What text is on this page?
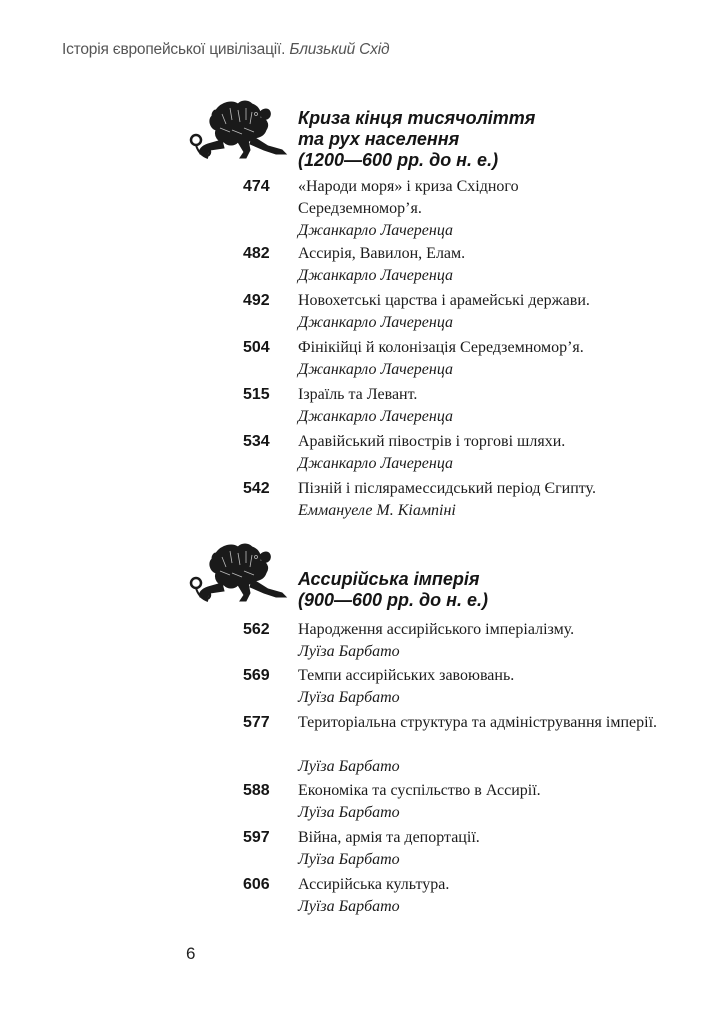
Історія європейської цивілізації. Близький Схід
Криза кінця тисячоліття
та рух населення
(1200—600 рр. до н. е.)
474 «Народи моря» і криза Східного Середземномор’я.
Джанкарло Лачеренца
482 Ассирія, Вавилон, Елам.
Джанкарло Лачеренца
492 Новохетські царства і арамейські держави.
Джанкарло Лачеренца
504 Фінікійці й колонізація Середземномор’я.
Джанкарло Лачеренца
515 Ізраїль та Левант.
Джанкарло Лачеренца
534 Аравійський півострів і торгові шляхи.
Джанкарло Лачеренца
542 Пізній і післярамессидський період Єгипту.
Еммануеле М. Кіампіні
Ассирійська імперія
(900—600 рр. до н. е.)
562 Народження ассирійського імперіалізму.
Луїза Барбато
569 Темпи ассирійських завоювань.
Луїза Барбато
577 Територіальна структура та адміністрування імперії.
Луїза Барбато
588 Економіка та суспільство в Ассирії.
Луїза Барбато
597 Війна, армія та депортації.
Луїза Барбато
606 Ассирійська культура.
Луїза Барбато
6
